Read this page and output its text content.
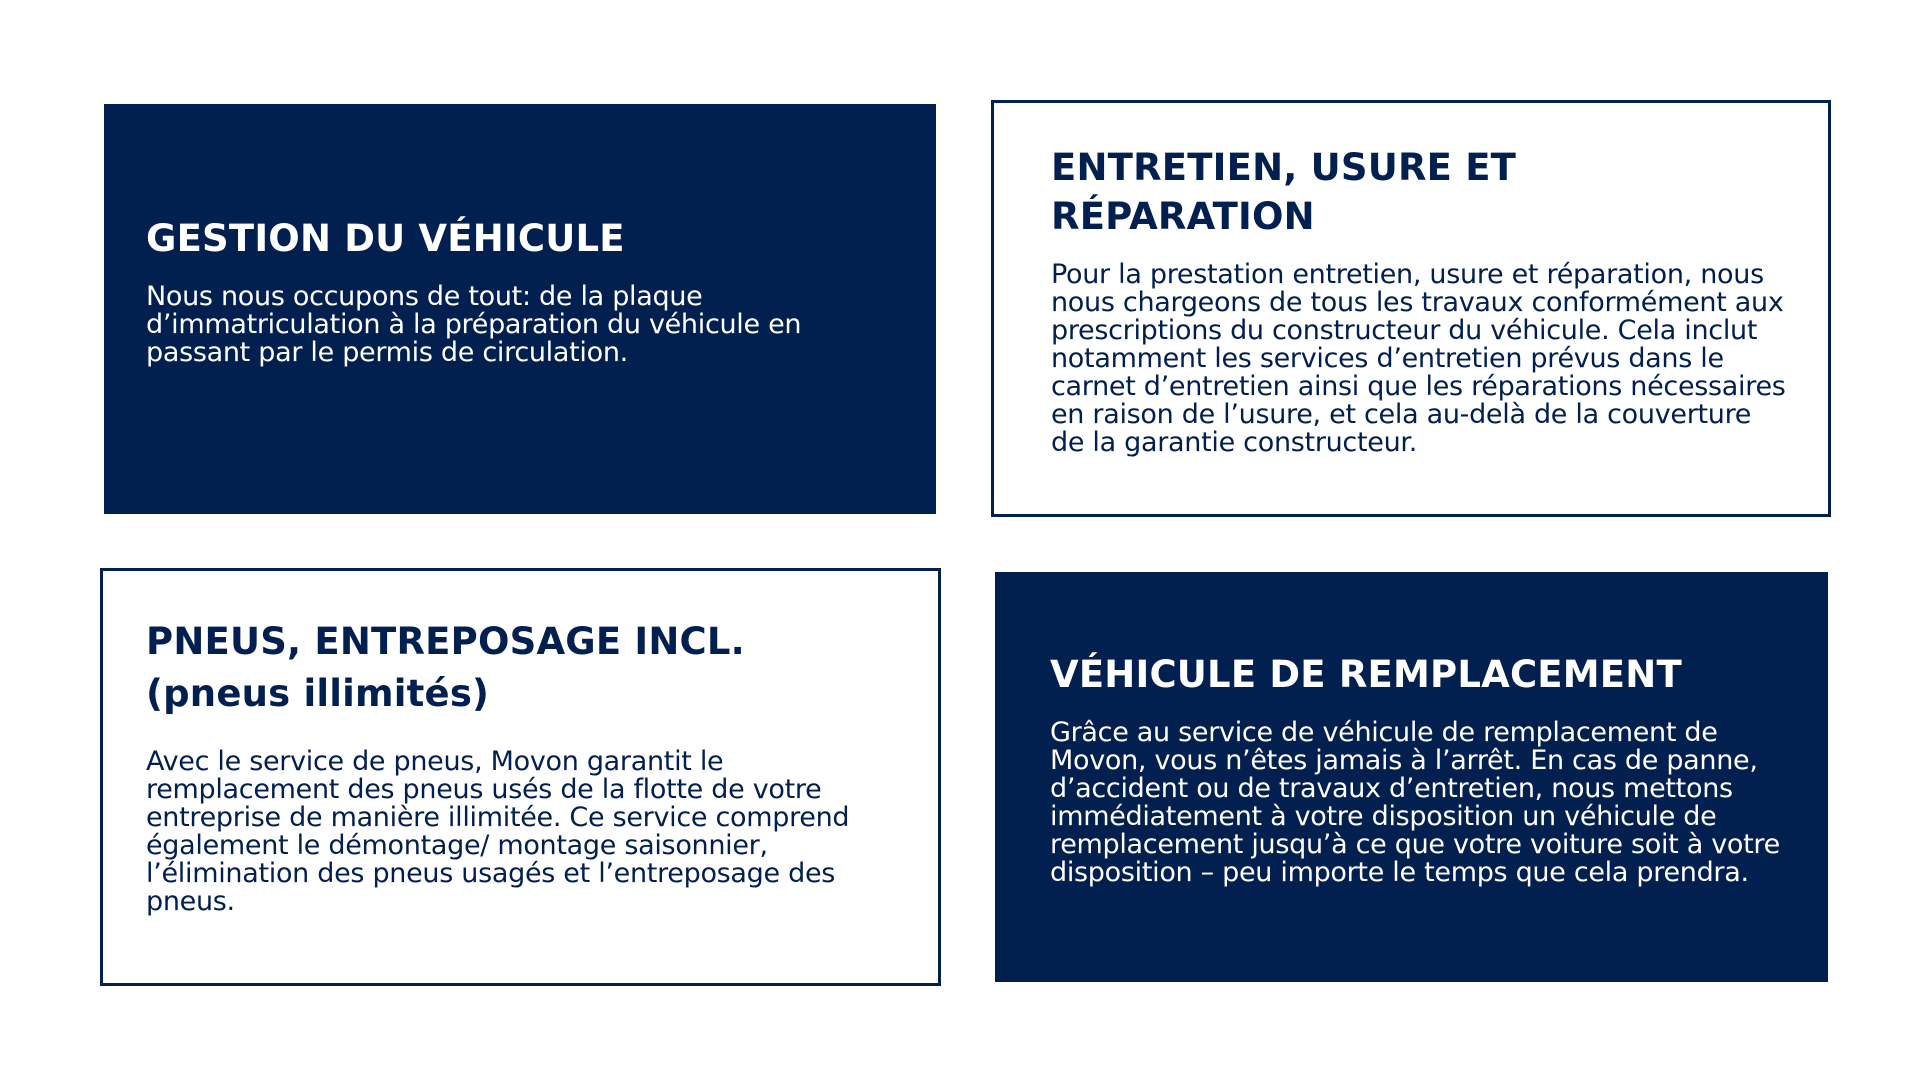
GESTION DU VÉHICULE

Nous nous occupons de tout: de la plaque d’immatriculation à la préparation du véhicule en passant par le permis de circulation.

ENTRETIEN, USURE ET RÉPARATION

Pour la prestation entretien, usure et réparation, nous nous chargeons de tous les travaux conformément aux prescriptions du constructeur du véhicule. Cela inclut notamment les services d’entretien prévus dans le carnet d’entretien ainsi que les réparations nécessaires en raison de l’usure, et cela au-delà de la couverture de la garantie constructeur.

PNEUS, ENTREPOSAGE INCL.
(pneus illimités)

Avec le service de pneus, Movon garantit le remplacement des pneus usés de la flotte de votre entreprise de manière illimitée. Ce service comprend également le démontage/ montage saisonnier, l’élimination des pneus usagés et l’entreposage des pneus.

VÉHICULE DE REMPLACEMENT

Grâce au service de véhicule de remplacement de Movon, vous n’êtes jamais à l’arrêt. En cas de panne, d’accident ou de travaux d’entretien, nous mettons immédiatement à votre disposition un véhicule de remplacement jusqu’à ce que votre voiture soit à votre disposition – peu importe le temps que cela prendra.
